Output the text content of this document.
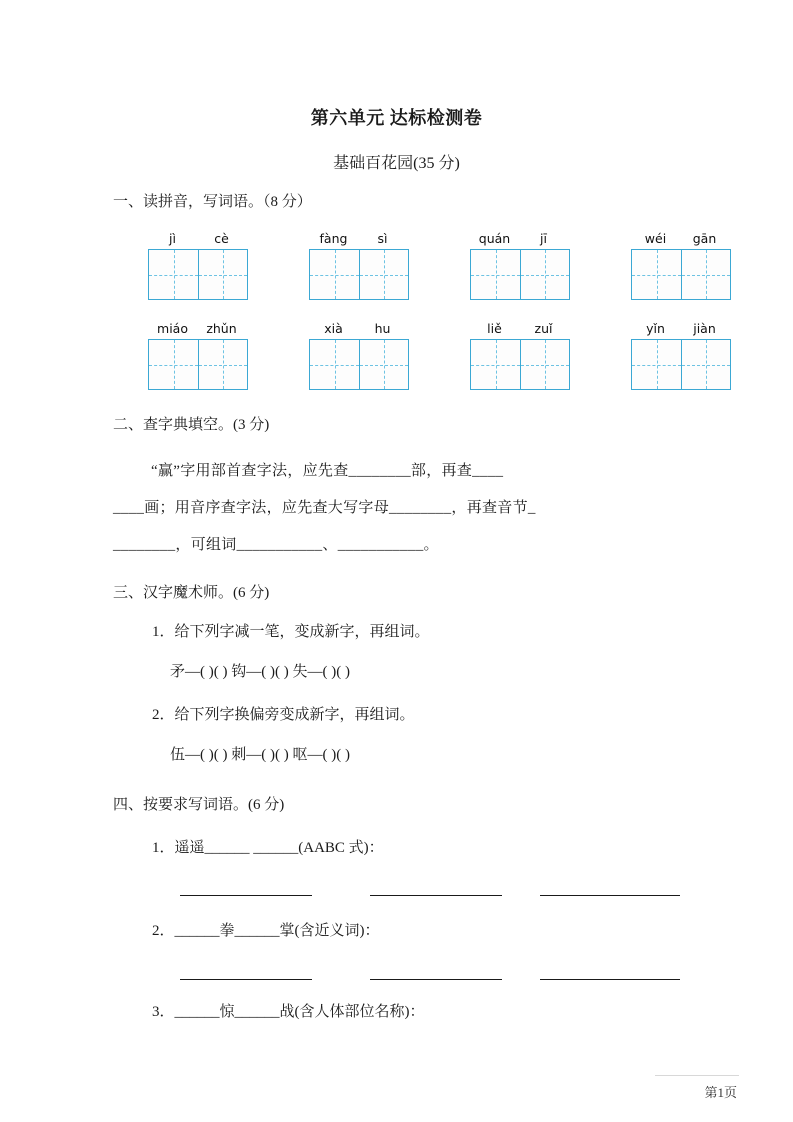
第六单元 达标检测卷
基础百花园(35 分)
一、读拼音，写词语。（8 分）
jì	cè	fàng	sì	quán	jī	wéi	gān
miáo	zhǔn	xià	hu	liě	zuǐ	yǐn	jiàn
二、查字典填空。(3 分)
“赢”字用部首查字法，应先查________部，再查____
____画；用音序查字法，应先查大写字母________，再查音节_
________，可组词___________、___________。
三、汉字魔术师。(6 分)
1．给下列字减一笔，变成新字，再组词。
矛—( )( ) 钩—( )( ) 失—( )( )
2．给下列字换偏旁变成新字，再组词。
伍—( )( ) 刺—( )( ) 呕—( )( )
四、按要求写词语。(6 分)
1．遥遥______ ______(AABC 式)：
2．______拳______掌(含近义词)：
3．______惊______战(含人体部位名称)：
第1页
